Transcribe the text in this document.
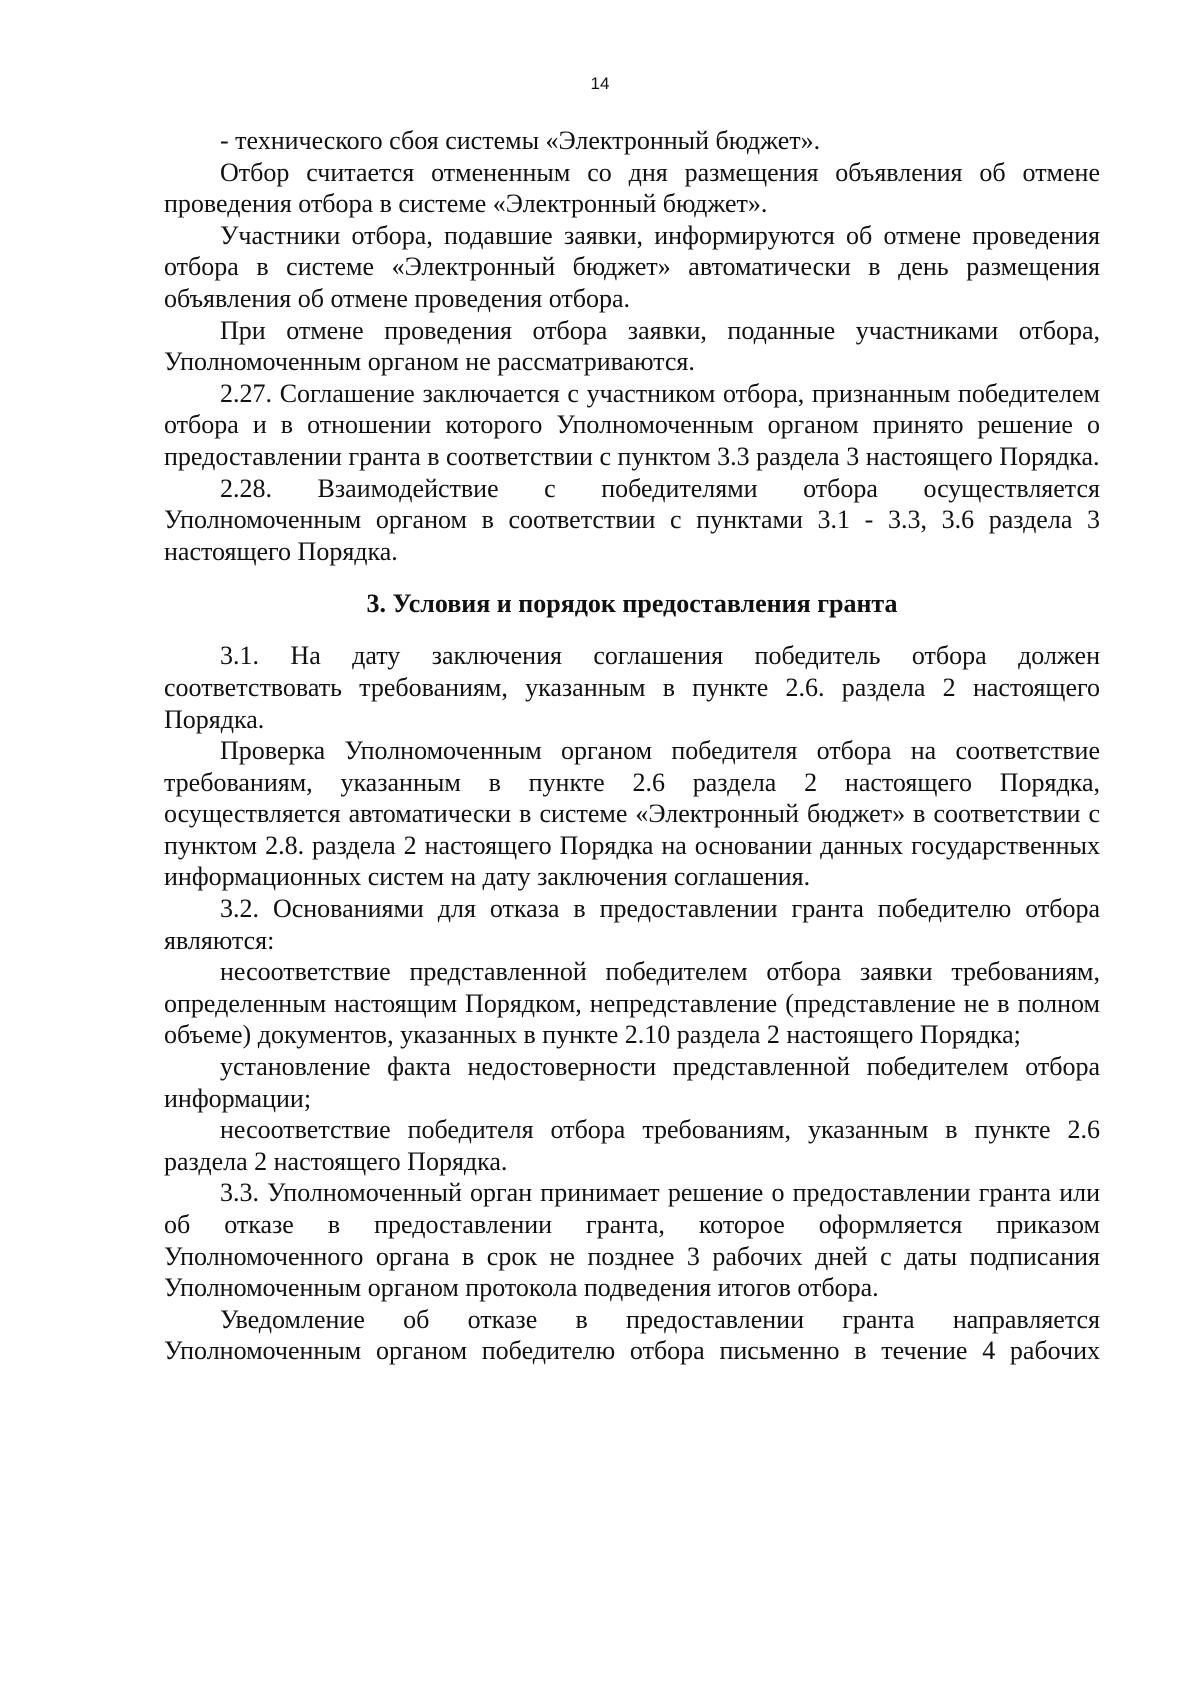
14

- технического сбоя системы «Электронный бюджет».

Отбор считается отмененным со дня размещения объявления об отмене проведения отбора в системе «Электронный бюджет».

Участники отбора, подавшие заявки, информируются об отмене проведения отбора в системе «Электронный бюджет» автоматически в день размещения объявления об отмене проведения отбора.

При отмене проведения отбора заявки, поданные участниками отбора, Уполномоченным органом не рассматриваются.

2.27. Соглашение заключается с участником отбора, признанным победителем отбора и в отношении которого Уполномоченным органом принято решение о предоставлении гранта в соответствии с пунктом 3.3 раздела 3 настоящего Порядка.

2.28. Взаимодействие с победителями отбора осуществляется Уполномоченным органом в соответствии с пунктами 3.1 - 3.3, 3.6 раздела 3 настоящего Порядка.

3. Условия и порядок предоставления гранта

3.1. На дату заключения соглашения победитель отбора должен соответствовать требованиям, указанным в пункте 2.6. раздела 2 настоящего Порядка.

Проверка Уполномоченным органом победителя отбора на соответствие требованиям, указанным в пункте 2.6 раздела 2 настоящего Порядка, осуществляется автоматически в системе «Электронный бюджет» в соответствии с пунктом 2.8. раздела 2 настоящего Порядка на основании данных государственных информационных систем на дату заключения соглашения.

3.2. Основаниями для отказа в предоставлении гранта победителю отбора являются:

несоответствие представленной победителем отбора заявки требованиям, определенным настоящим Порядком, непредставление (представление не в полном объеме) документов, указанных в пункте 2.10 раздела 2 настоящего Порядка;

установление факта недостоверности представленной победителем отбора информации;

несоответствие победителя отбора требованиям, указанным в пункте 2.6 раздела 2 настоящего Порядка.

3.3. Уполномоченный орган принимает решение о предоставлении гранта или об отказе в предоставлении гранта, которое оформляется приказом Уполномоченного органа в срок не позднее 3 рабочих дней с даты подписания Уполномоченным органом протокола подведения итогов отбора.

Уведомление об отказе в предоставлении гранта направляется Уполномоченным органом победителю отбора письменно в течение 4 рабочих
